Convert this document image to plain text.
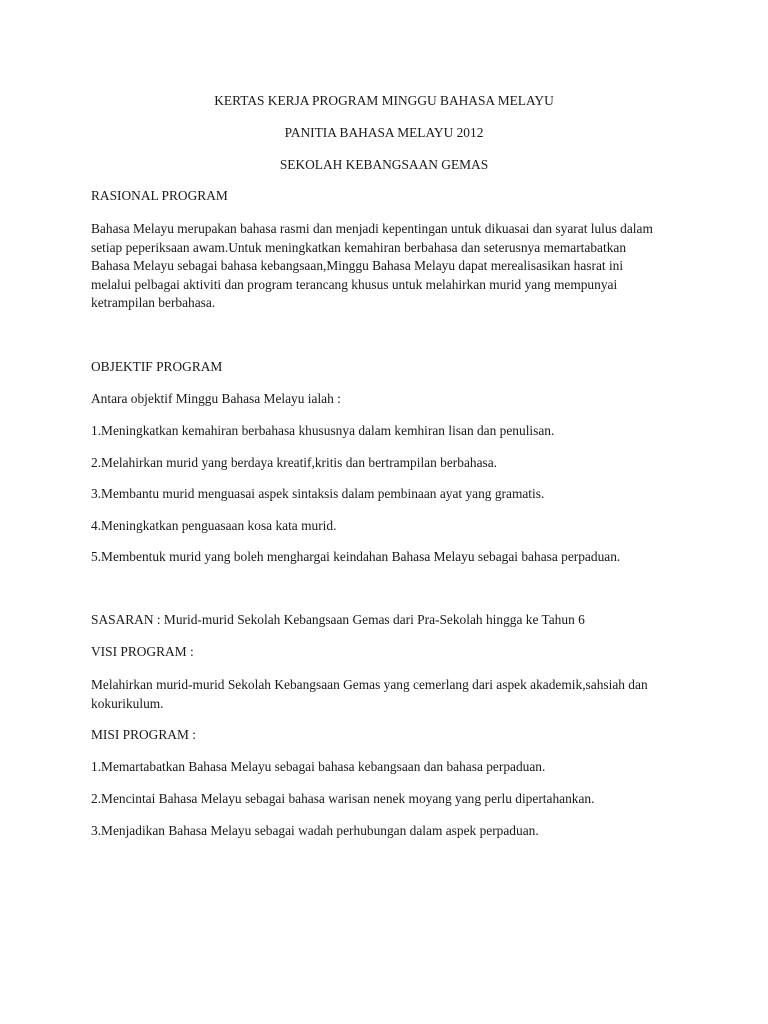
KERTAS KERJA PROGRAM MINGGU BAHASA MELAYU
PANITIA BAHASA MELAYU 2012
SEKOLAH KEBANGSAAN GEMAS
RASIONAL PROGRAM
Bahasa Melayu merupakan bahasa rasmi dan menjadi kepentingan untuk dikuasai dan syarat lulus dalam
setiap peperiksaan awam.Untuk meningkatkan kemahiran berbahasa dan seterusnya memartabatkan
Bahasa Melayu sebagai bahasa kebangsaan,Minggu Bahasa Melayu dapat merealisasikan hasrat ini
melalui pelbagai aktiviti dan program terancang khusus untuk melahirkan murid yang mempunyai
ketrampilan berbahasa.
OBJEKTIF PROGRAM
Antara objektif Minggu Bahasa Melayu ialah :
1.Meningkatkan kemahiran berbahasa khususnya dalam kemhiran lisan dan penulisan.
2.Melahirkan murid yang berdaya kreatif,kritis dan bertrampilan berbahasa.
3.Membantu murid menguasai aspek sintaksis dalam pembinaan ayat yang gramatis.
4.Meningkatkan penguasaan kosa kata murid.
5.Membentuk murid yang boleh menghargai keindahan Bahasa Melayu sebagai bahasa perpaduan.
SASARAN : Murid-murid Sekolah Kebangsaan Gemas dari Pra-Sekolah hingga ke Tahun 6
VISI PROGRAM :
Melahirkan murid-murid Sekolah Kebangsaan Gemas yang cemerlang dari aspek akademik,sahsiah dan
kokurikulum.
MISI PROGRAM :
1.Memartabatkan Bahasa Melayu sebagai bahasa kebangsaan dan bahasa perpaduan.
2.Mencintai Bahasa Melayu sebagai bahasa warisan nenek moyang yang perlu dipertahankan.
3.Menjadikan Bahasa Melayu sebagai wadah perhubungan dalam aspek perpaduan.
